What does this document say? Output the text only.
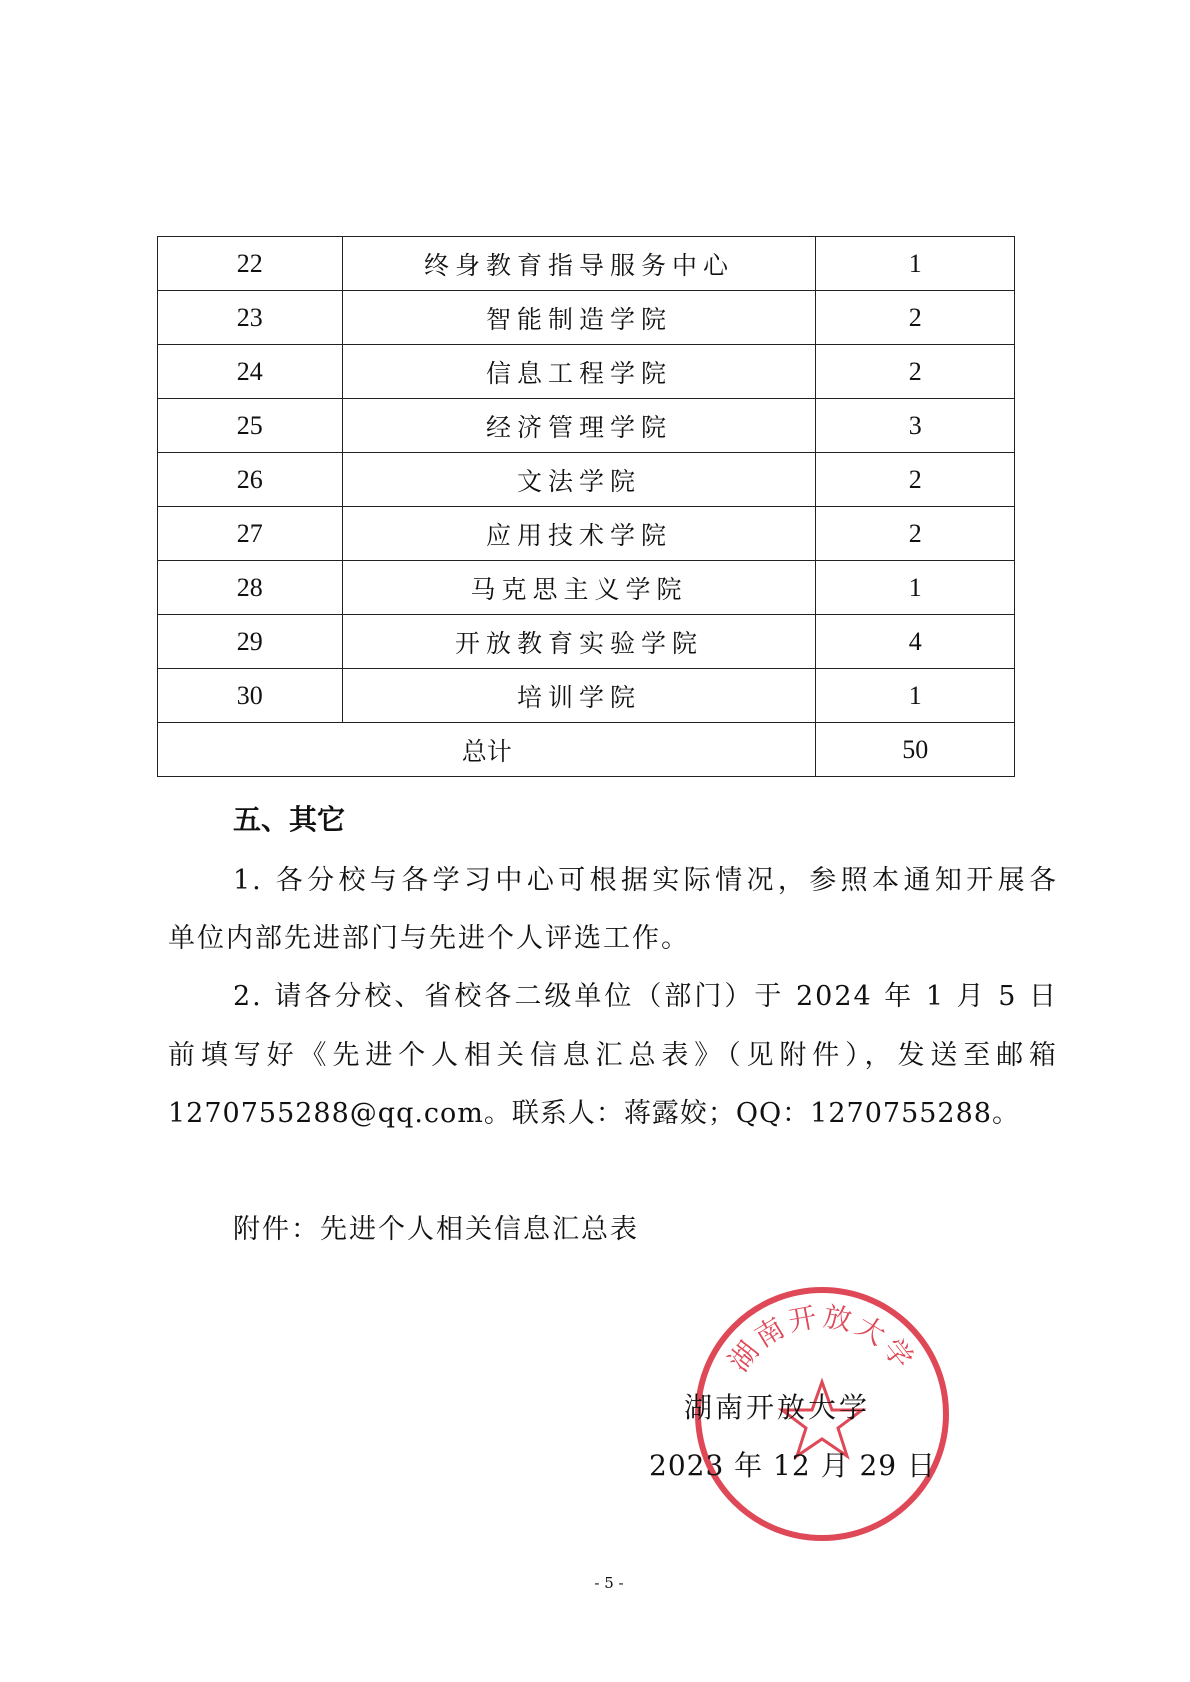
22	终身教育指导服务中心	1
23	智能制造学院	2
24	信息工程学院	2
25	经济管理学院	3
26	文法学院	2
27	应用技术学院	2
28	马克思主义学院	1
29	开放教育实验学院	4
30	培训学院	1
总计		50
五、其它
1. 各分校与各学习中心可根据实际情况，参照本通知开展各
单位内部先进部门与先进个人评选工作。
2. 请各分校、省校各二级单位（部门）于 2024 年 1 月 5 日
前填写好《先进个人相关信息汇总表》（见附件），发送至邮箱
1270755288@qq.com。联系人：蒋露姣；QQ：1270755288。
附件：先进个人相关信息汇总表
湖南开放大学
湖南开放大学
2023 年 12 月 29 日
- 5 -
